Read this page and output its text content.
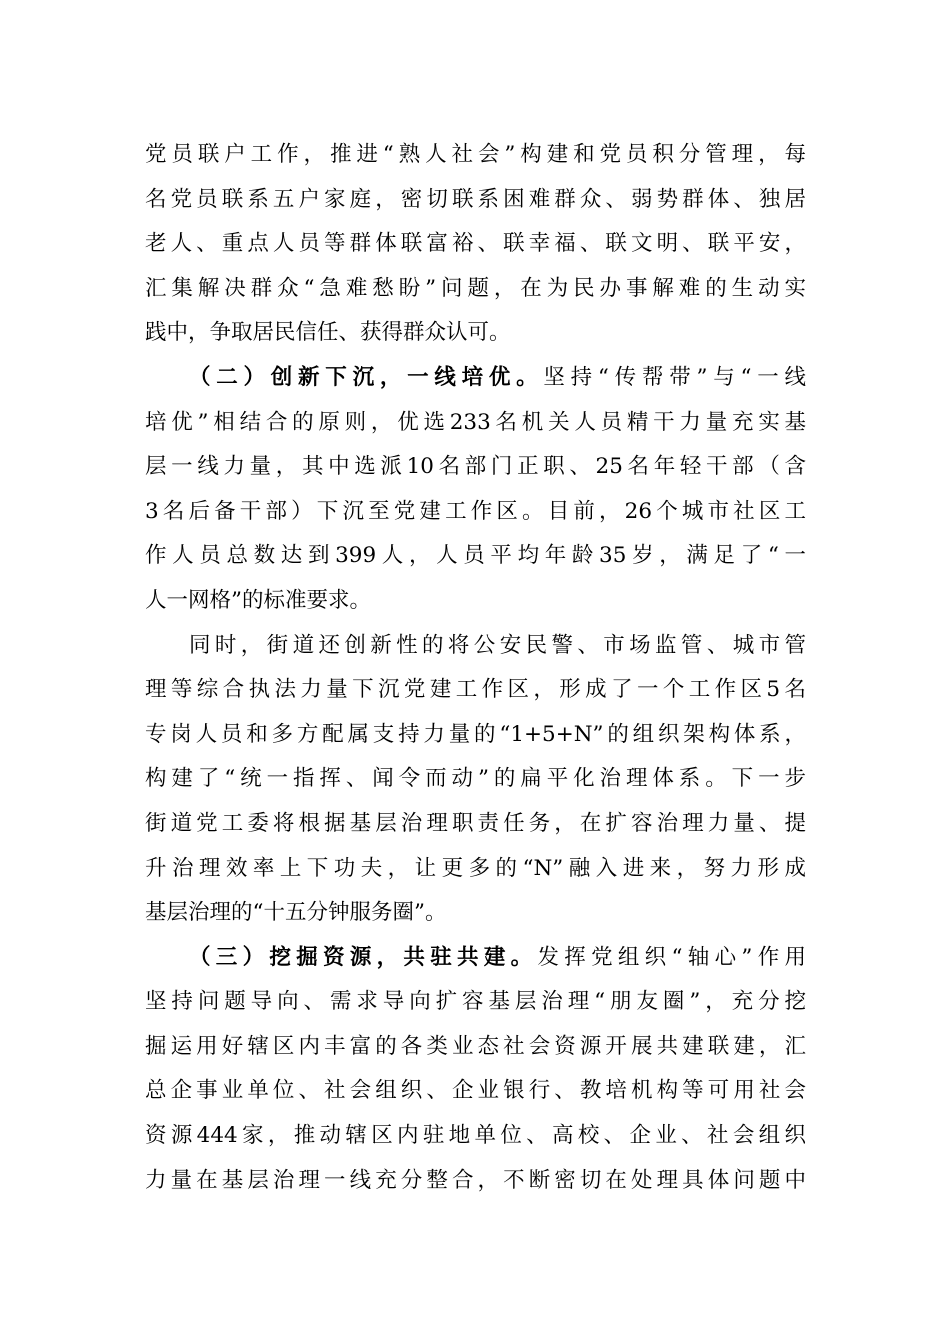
党员联户工作，推进“熟人社会”构建和党员积分管理，每
名党员联系五户家庭，密切联系困难群众、弱势群体、独居
老人、重点人员等群体联富裕、联幸福、联文明、联平安，
汇集解决群众“急难愁盼”问题，在为民办事解难的生动实
践中，争取居民信任、获得群众认可。
（二）创新下沉，一线培优。坚持“传帮带”与“一线
培优”相结合的原则，优选233名机关人员精干力量充实基
层一线力量，其中选派10名部门正职、25名年轻干部（含
3名后备干部）下沉至党建工作区。目前，26个城市社区工
作人员总数达到399人，人员平均年龄35岁，满足了“一
人一网格”的标准要求。
同时，街道还创新性的将公安民警、市场监管、城市管
理等综合执法力量下沉党建工作区，形成了一个工作区5名
专岗人员和多方配属支持力量的“1+5+N”的组织架构体系，
构建了“统一指挥、闻令而动”的扁平化治理体系。下一步
街道党工委将根据基层治理职责任务，在扩容治理力量、提
升治理效率上下功夫，让更多的“N”融入进来，努力形成
基层治理的“十五分钟服务圈”。
（三）挖掘资源，共驻共建。发挥党组织“轴心”作用
坚持问题导向、需求导向扩容基层治理“朋友圈”，充分挖
掘运用好辖区内丰富的各类业态社会资源开展共建联建，汇
总企事业单位、社会组织、企业银行、教培机构等可用社会
资源444家，推动辖区内驻地单位、高校、企业、社会组织
力量在基层治理一线充分整合，不断密切在处理具体问题中
